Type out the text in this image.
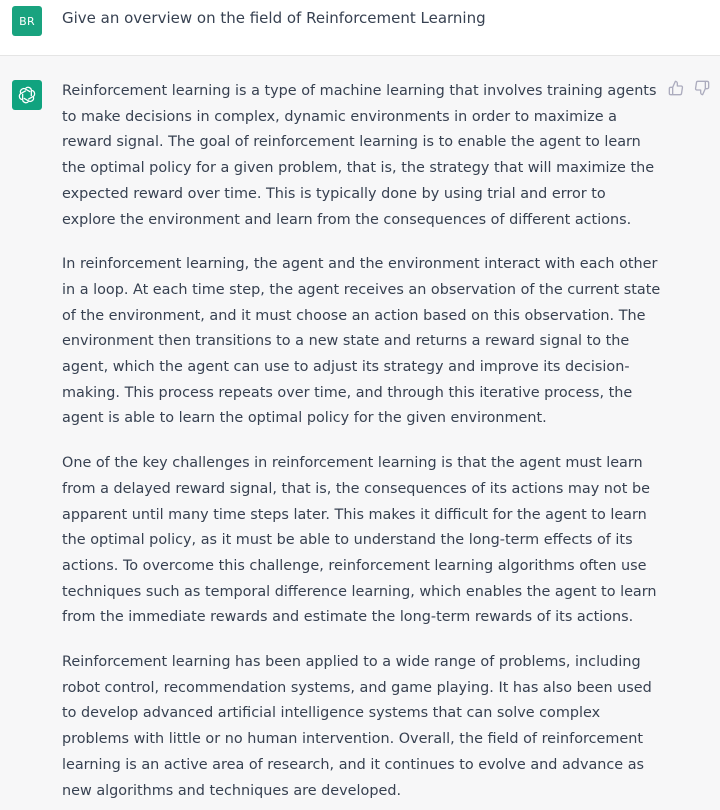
BR Give an overview on the field of Reinforcement Learning

Reinforcement learning is a type of machine learning that involves training agents to make decisions in complex, dynamic environments in order to maximize a reward signal. The goal of reinforcement learning is to enable the agent to learn the optimal policy for a given problem, that is, the strategy that will maximize the expected reward over time. This is typically done by using trial and error to explore the environment and learn from the consequences of different actions.

In reinforcement learning, the agent and the environment interact with each other in a loop. At each time step, the agent receives an observation of the current state of the environment, and it must choose an action based on this observation. The environment then transitions to a new state and returns a reward signal to the agent, which the agent can use to adjust its strategy and improve its decision-making. This process repeats over time, and through this iterative process, the agent is able to learn the optimal policy for the given environment.

One of the key challenges in reinforcement learning is that the agent must learn from a delayed reward signal, that is, the consequences of its actions may not be apparent until many time steps later. This makes it difficult for the agent to learn the optimal policy, as it must be able to understand the long-term effects of its actions. To overcome this challenge, reinforcement learning algorithms often use techniques such as temporal difference learning, which enables the agent to learn from the immediate rewards and estimate the long-term rewards of its actions.

Reinforcement learning has been applied to a wide range of problems, including robot control, recommendation systems, and game playing. It has also been used to develop advanced artificial intelligence systems that can solve complex problems with little or no human intervention. Overall, the field of reinforcement learning is an active area of research, and it continues to evolve and advance as new algorithms and techniques are developed.
